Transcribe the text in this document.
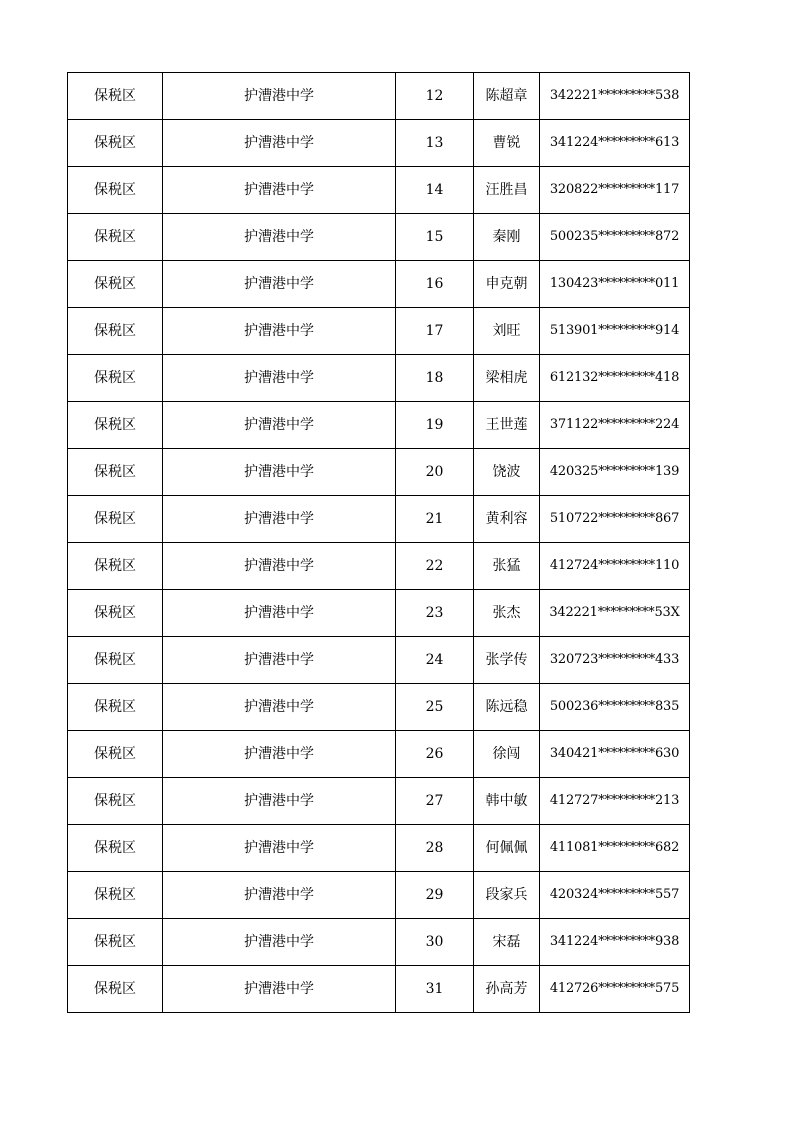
保税区	护漕港中学	12	陈超章	342221*********538
保税区	护漕港中学	13	曹锐	341224*********613
保税区	护漕港中学	14	汪胜昌	320822*********117
保税区	护漕港中学	15	秦刚	500235*********872
保税区	护漕港中学	16	申克朝	130423*********011
保税区	护漕港中学	17	刘旺	513901*********914
保税区	护漕港中学	18	梁相虎	612132*********418
保税区	护漕港中学	19	王世莲	371122*********224
保税区	护漕港中学	20	饶波	420325*********139
保税区	护漕港中学	21	黄利容	510722*********867
保税区	护漕港中学	22	张猛	412724*********110
保税区	护漕港中学	23	张杰	342221*********53X
保税区	护漕港中学	24	张学传	320723*********433
保税区	护漕港中学	25	陈远稳	500236*********835
保税区	护漕港中学	26	徐闯	340421*********630
保税区	护漕港中学	27	韩中敏	412727*********213
保税区	护漕港中学	28	何佩佩	411081*********682
保税区	护漕港中学	29	段家兵	420324*********557
保税区	护漕港中学	30	宋磊	341224*********938
保税区	护漕港中学	31	孙高芳	412726*********575
